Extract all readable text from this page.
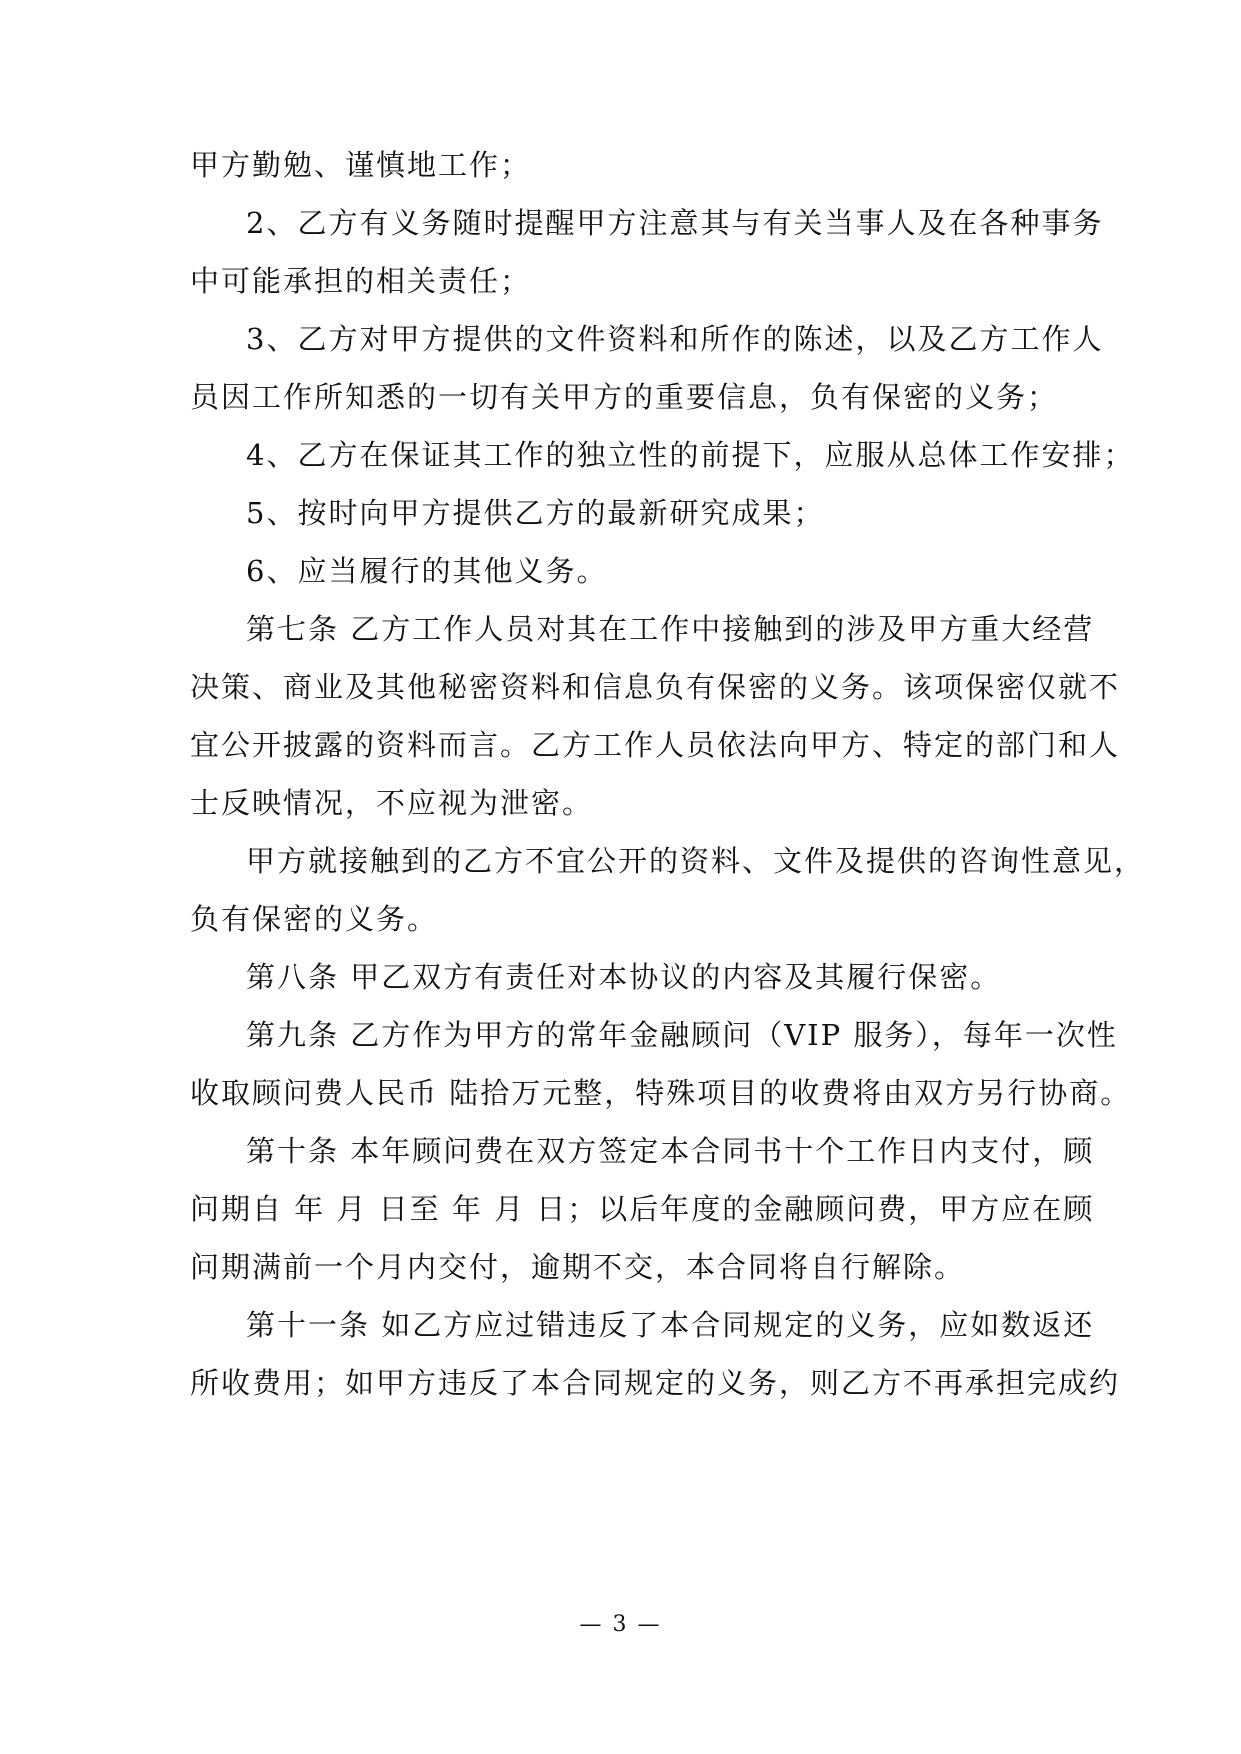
甲方勤勉、谨慎地工作；
2、乙方有义务随时提醒甲方注意其与有关当事人及在各种事务
中可能承担的相关责任；
3、乙方对甲方提供的文件资料和所作的陈述，以及乙方工作人
员因工作所知悉的一切有关甲方的重要信息，负有保密的义务；
4、乙方在保证其工作的独立性的前提下，应服从总体工作安排；
5、按时向甲方提供乙方的最新研究成果；
6、应当履行的其他义务。
第七条 乙方工作人员对其在工作中接触到的涉及甲方重大经营
决策、商业及其他秘密资料和信息负有保密的义务。该项保密仅就不
宜公开披露的资料而言。乙方工作人员依法向甲方、特定的部门和人
士反映情况，不应视为泄密。
甲方就接触到的乙方不宜公开的资料、文件及提供的咨询性意见，
负有保密的义务。
第八条 甲乙双方有责任对本协议的内容及其履行保密。
第九条 乙方作为甲方的常年金融顾问（VIP 服务），每年一次性
收取顾问费人民币 陆拾万元整，特殊项目的收费将由双方另行协商。
第十条 本年顾问费在双方签定本合同书十个工作日内支付，顾
问期自 年 月 日至 年 月 日；以后年度的金融顾问费，甲方应在顾
问期满前一个月内交付，逾期不交，本合同将自行解除。
第十一条 如乙方应过错违反了本合同规定的义务，应如数返还
所收费用；如甲方违反了本合同规定的义务，则乙方不再承担完成约
— 3 —
